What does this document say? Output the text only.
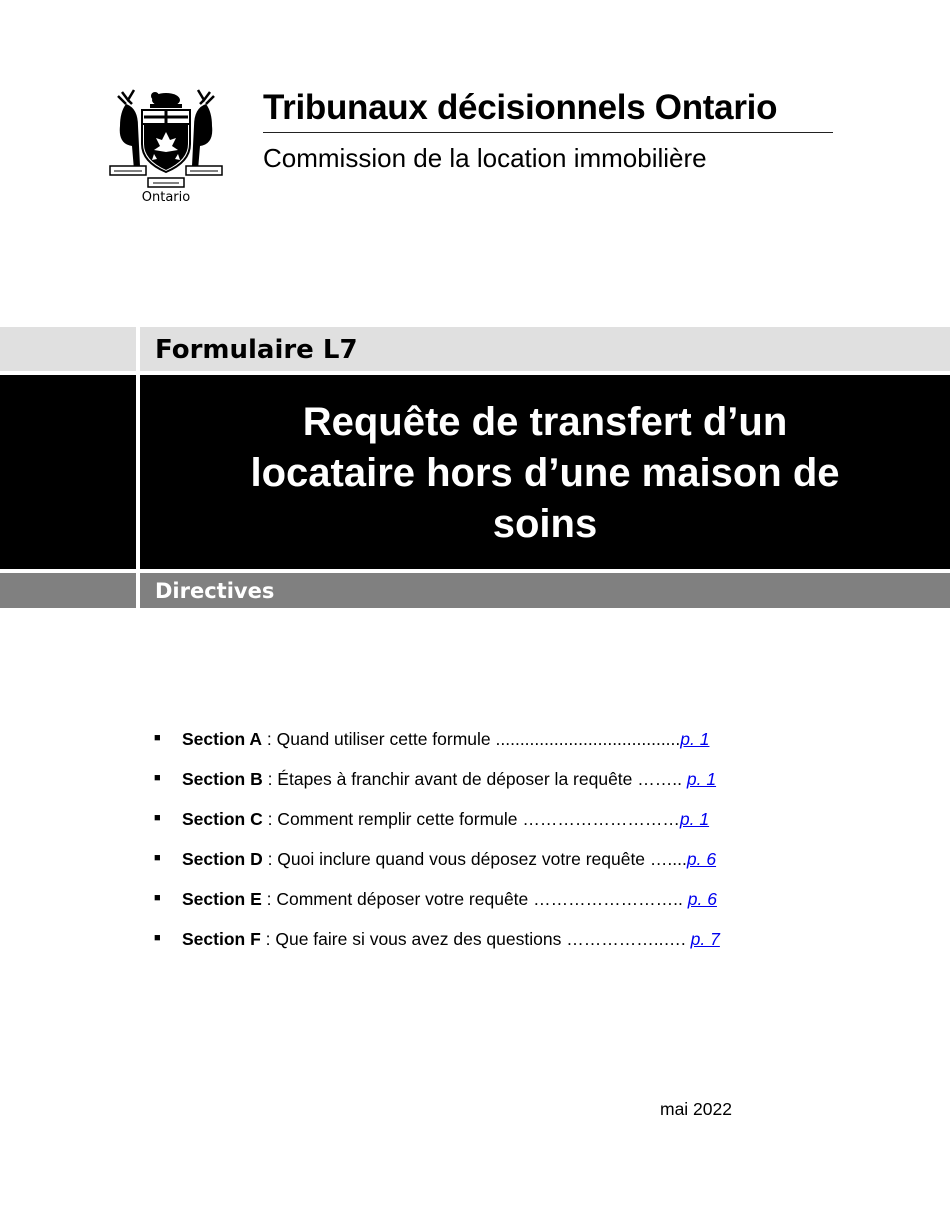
Ontario
Tribunaux décisionnels Ontario
Commission de la location immobilière
Formulaire L7
Requête de transfert d’un
locataire hors d’une maison de
soins
Directives
■ Section A : Quand utiliser cette formule ......................................p. 1
■ Section B : Étapes à franchir avant de déposer la requête …….. p. 1
■ Section C : Comment remplir cette formule ………………………p. 1
■ Section D : Quoi inclure quand vous déposez votre requête …....p. 6
■ Section E : Comment déposer votre requête …………………….. p. 6
■ Section F : Que faire si vous avez des questions ……………..…. p. 7
mai 2022
